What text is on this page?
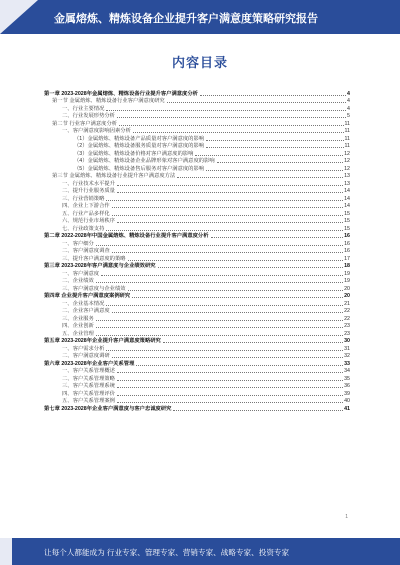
金属熔炼、精炼设备企业提升客户满意度策略研究报告
内容目录
第一章 2023-2028年金属熔炼、精炼设备行业提升客户满意度分析	4
第一节 金属熔炼、精炼设备行业客户满意度研究	4
一、行业主要情况	4
二、行业发展形势分析	5
第二节 行业客户满意度分析	11
一、客户满意度影响因素分析	11
（1）金属熔炼、精炼设备产品质量对客户满意度的影响	11
（2）金属熔炼、精炼设备服务质量对客户满意度的影响	11
（3）金属熔炼、精炼设备价格对客户满意度的影响	12
（4）金属熔炼、精炼设备企业品牌形象对客户满意度的影响	12
（5）金属熔炼、精炼设备售后服务对客户满意度的影响	12
第三节 金属熔炼、精炼设备行业提升客户满意度方法	13
一、行业技术水平提升	13
二、提升行业服务质量	14
三、行业营销策略	14
四、企业上下游合作	14
五、行业产品多样化	15
六、规范行业市场秩序	15
七、行业政策支持	15
第二章 2022-2028年中国金属熔炼、精炼设备行业提升客户满意度分析	16
一、客户细分	16
二、客户满意度调查	16
三、提升客户满意度的策略	17
第三章 2023-2028年客户满意度与企业绩效研究	18
一、客户满意度	19
二、企业绩效	19
三、客户满意度与企业绩效	20
第四章 企业提升客户满意度案例研究	20
一、企业基本情况	21
二、企业客户满意度	22
三、企业服务	22
四、企业创新	23
五、企业管理	23
第五章 2023-2028年企业提升客户满意度策略研究	30
一、客户需求分析	31
二、客户满意度调研	32
第六章 2023-2028年企业客户关系管理	33
一、客户关系管理概述	34
二、客户关系管理策略	35
三、客户关系管理系统	36
四、客户关系管理评价	39
五、客户关系管理案例	40
第七章 2023-2028年企业客户满意度与客户忠诚度研究	41
1
让每个人都能成为 行业专家、管理专家、营销专家、战略专家、投资专家
